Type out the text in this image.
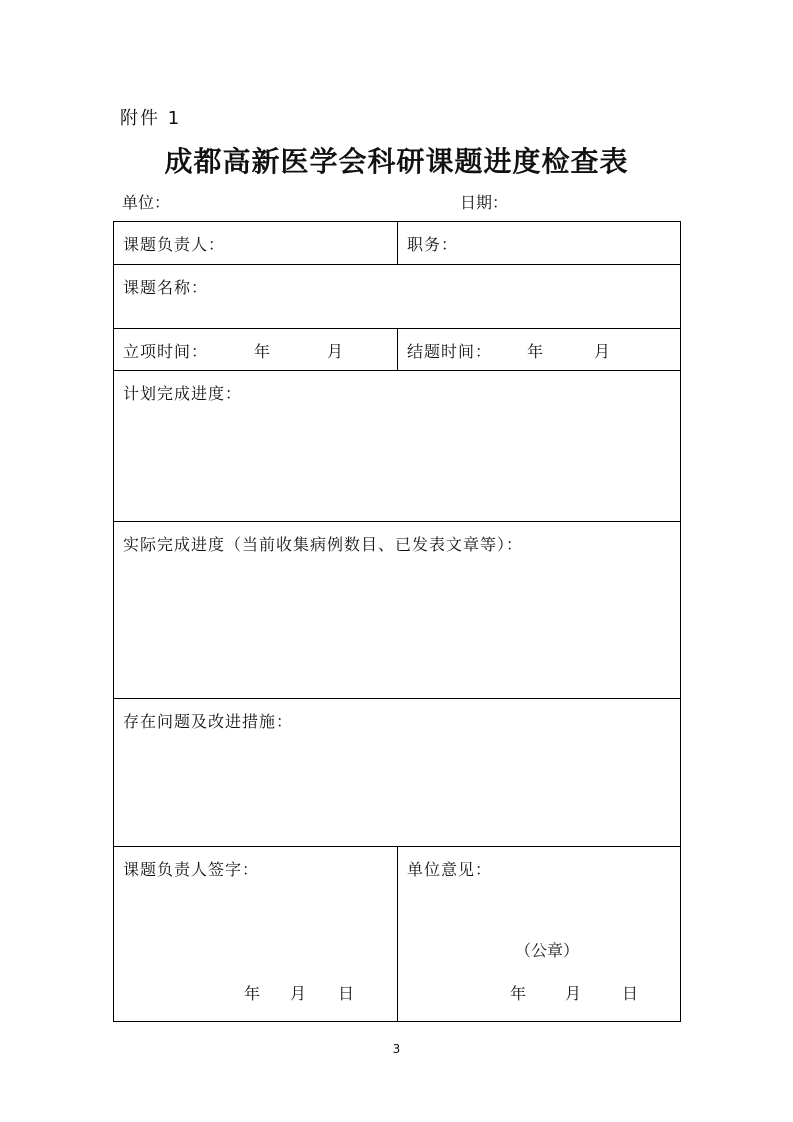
附件 1
成都高新医学会科研课题进度检查表
单位：	日期：
课题负责人：	职务：
课题名称：
立项时间：	年	月	结题时间： 年	月
计划完成进度：
实际完成进度（当前收集病例数目、已发表文章等）：
存在问题及改进措施：
课题负责人签字：
年 月 日
单位意见：
（公章）
年 月	日
3
